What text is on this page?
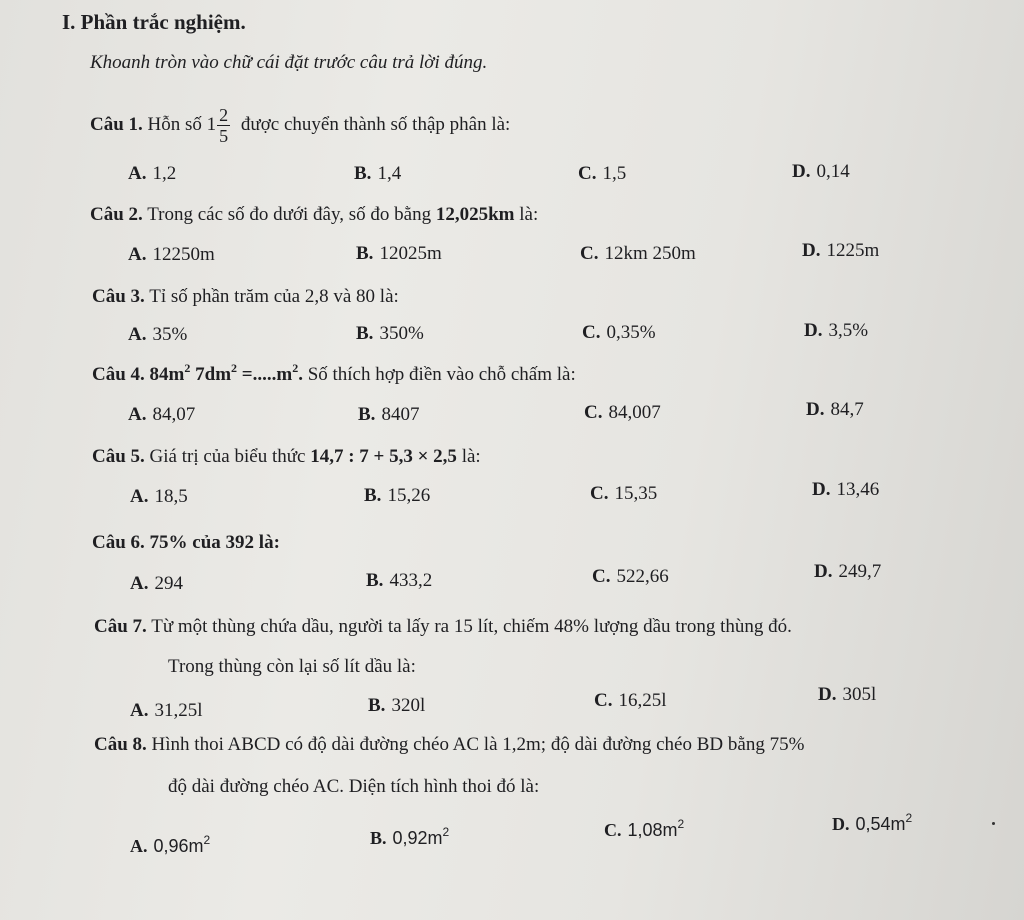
I. Phần trắc nghiệm.
Khoanh tròn vào chữ cái đặt trước câu trả lời đúng.
Câu 1. Hỗn số $1 \frac{2}{5}$ được chuyển thành số thập phân là:
A. 1,2	B. 1,4	C. 1,5	D. 0,14
Câu 2. Trong các số đo dưới đây, số đo bằng 12,025km là:
A. 12250m	B. 12025m	C. 12km 250m	D. 1225m
Câu 3. Tỉ số phần trăm của 2,8 và 80 là:
A. 35%	B. 350%	C. 0,35%	D. 3,5%
Câu 4. $84m^2$ $7dm^2 =.....m^2$. Số thích hợp điền vào chỗ chấm là:
A. 84,07	B. 8407	C. 84,007	D. 84,7
Câu 5. Giá trị của biểu thức 14,7 : 7 + 5,3 × 2,5 là:
A. 18,5	B. 15,26	C. 15,35	D. 13,46
Câu 6. 75% của 392 là:
A. 294	B. 433,2	C. 522,66	D. 249,7
Câu 7. Từ một thùng chứa dầu, người ta lấy ra 15 lít, chiếm 48% lượng dầu trong thùng đó.
Trong thùng còn lại số lít dầu là:
A. 31,25l	B. 320l	C. 16,25l	D. 305l
Câu 8. Hình thoi ABCD có độ dài đường chéo AC là 1,2m; độ dài đường chéo BD bằng 75%
độ dài đường chéo AC. Diện tích hình thoi đó là:
A. $0,96m^2$	B. $0,92m^2$	C. $1,08m^2$	D. $0,54m^2$
